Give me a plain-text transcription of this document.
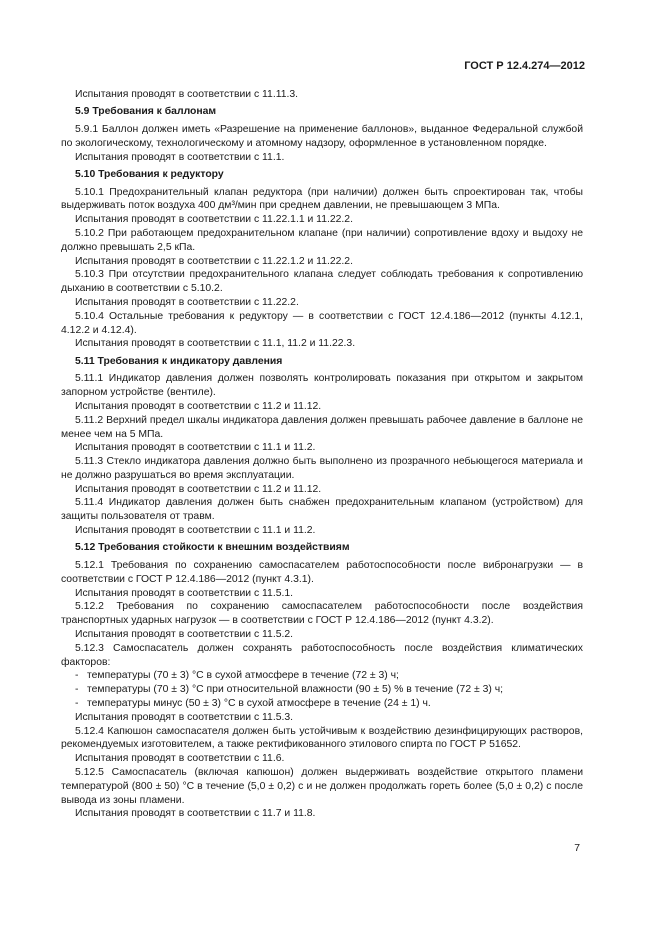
ГОСТ Р 12.4.274—2012
Испытания проводят в соответствии с 11.11.3.
5.9 Требования к баллонам
5.9.1 Баллон должен иметь «Разрешение на применение баллонов», выданное Федеральной службой по экологическому, технологическому и атомному надзору, оформленное в установленном порядке.
Испытания проводят в соответствии с 11.1.
5.10 Требования к редуктору
5.10.1 Предохранительный клапан редуктора (при наличии) должен быть спроектирован так, чтобы выдерживать поток воздуха 400 дм³/мин при среднем давлении, не превышающем 3 МПа.
Испытания проводят в соответствии с 11.22.1.1 и 11.22.2.
5.10.2 При работающем предохранительном клапане (при наличии) сопротивление вдоху и выдоху не должно превышать 2,5 кПа.
Испытания проводят в соответствии с 11.22.1.2 и 11.22.2.
5.10.3 При отсутствии предохранительного клапана следует соблюдать требования к сопротивлению дыханию в соответствии с 5.10.2.
Испытания проводят в соответствии с 11.22.2.
5.10.4 Остальные требования к редуктору — в соответствии с ГОСТ 12.4.186—2012 (пункты 4.12.1, 4.12.2 и 4.12.4).
Испытания проводят в соответствии с 11.1, 11.2 и 11.22.3.
5.11 Требования к индикатору давления
5.11.1 Индикатор давления должен позволять контролировать показания при открытом и закрытом запорном устройстве (вентиле).
Испытания проводят в соответствии с 11.2 и 11.12.
5.11.2 Верхний предел шкалы индикатора давления должен превышать рабочее давление в баллоне не менее чем на 5 МПа.
Испытания проводят в соответствии с 11.1 и 11.2.
5.11.3 Стекло индикатора давления должно быть выполнено из прозрачного небьющегося материала и не должно разрушаться во время эксплуатации.
Испытания проводят в соответствии с 11.2 и 11.12.
5.11.4 Индикатор давления должен быть снабжен предохранительным клапаном (устройством) для защиты пользователя от травм.
Испытания проводят в соответствии с 11.1 и 11.2.
5.12 Требования стойкости к внешним воздействиям
5.12.1 Требования по сохранению самоспасателем работоспособности после вибронагрузки — в соответствии с ГОСТ Р 12.4.186—2012 (пункт 4.3.1).
Испытания проводят в соответствии с 11.5.1.
5.12.2 Требования по сохранению самоспасателем работоспособности после воздействия транспортных ударных нагрузок — в соответствии с ГОСТ Р 12.4.186—2012 (пункт 4.3.2).
Испытания проводят в соответствии с 11.5.2.
5.12.3 Самоспасатель должен сохранять работоспособность после воздействия климатических факторов:
- температуры (70 ± 3) °С в сухой атмосфере в течение (72 ± 3) ч;
- температуры (70 ± 3) °С при относительной влажности (90 ± 5) % в течение (72 ± 3) ч;
- температуры минус (50 ± 3) °С в сухой атмосфере в течение (24 ± 1) ч.
Испытания проводят в соответствии с 11.5.3.
5.12.4 Капюшон самоспасателя должен быть устойчивым к воздействию дезинфицирующих растворов, рекомендуемых изготовителем, а также ректификованного этилового спирта по ГОСТ Р 51652.
Испытания проводят в соответствии с 11.6.
5.12.5 Самоспасатель (включая капюшон) должен выдерживать воздействие открытого пламени температурой (800 ± 50) °С в течение (5,0 ± 0,2) с и не должен продолжать гореть более (5,0 ± 0,2) с после вывода из зоны пламени.
Испытания проводят в соответствии с 11.7 и 11.8.
7
